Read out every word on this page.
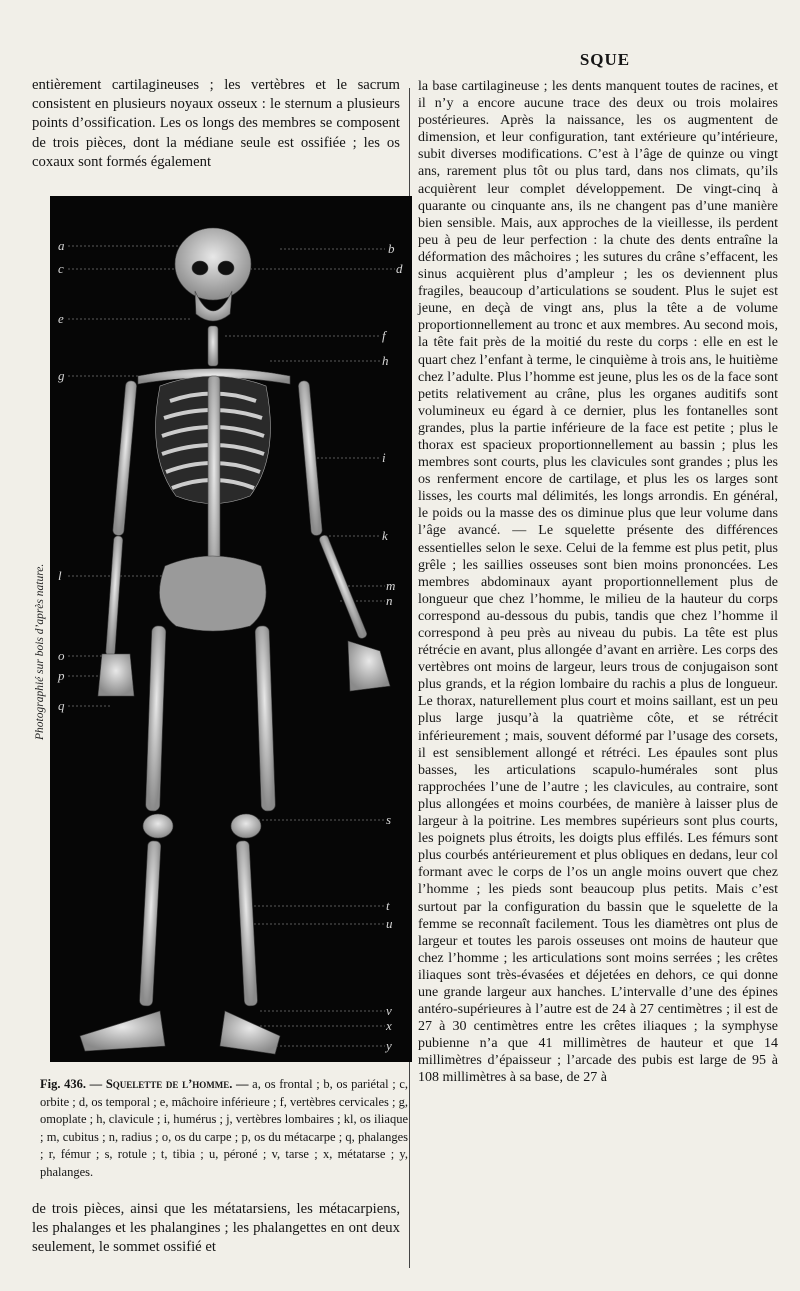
SQUE

entièrement cartilagineuses ; les vertèbres et le sacrum consistent en plusieurs noyaux osseux : le sternum a plusieurs points d’ossification. Les os longs des membres se composent de trois pièces, dont la médiane seule est ossifiée ; les os coxaux sont formés également

Photographié sur bois d’après nature.
a
c
e
g
l
o
p
q
b
d
f
h
i
k
m
n
s
t
u
v
x
y
Fig. 436. — Squelette de l’homme. — a, os frontal ; b, os pariétal ; c, orbite ; d, os temporal ; e, mâchoire inférieure ; f, vertèbres cervicales ; g, omoplate ; h, clavicule ; i, humérus ; j, vertèbres lombaires ; kl, os iliaque ; m, cubitus ; n, radius ; o, os du carpe ; p, os du métacarpe ; q, phalanges ; r, fémur ; s, rotule ; t, tibia ; u, péroné ; v, tarse ; x, métatarse ; y, phalanges.

de trois pièces, ainsi que les métatarsiens, les métacarpiens, les phalanges et les phalangines ; les phalangettes en ont deux seulement, le sommet ossifié et

la base cartilagineuse ; les dents manquent toutes de racines, et il n’y a encore aucune trace des deux ou trois molaires postérieures. Après la naissance, les os augmentent de dimension, et leur configuration, tant extérieure qu’intérieure, subit diverses modifications. C’est à l’âge de quinze ou vingt ans, rarement plus tôt ou plus tard, dans nos climats, qu’ils acquièrent leur complet développement. De vingt-cinq à quarante ou cinquante ans, ils ne changent pas d’une manière bien sensible. Mais, aux approches de la vieillesse, ils perdent peu à peu de leur perfection : la chute des dents entraîne la déformation des mâchoires ; les sutures du crâne s’effacent, les sinus acquièrent plus d’ampleur ; les os deviennent plus fragiles, beaucoup d’articulations se soudent. Plus le sujet est jeune, en deçà de vingt ans, plus la tête a de volume proportionnellement au tronc et aux membres. Au second mois, la tête fait près de la moitié du reste du corps : elle en est le quart chez l’enfant à terme, le cinquième à trois ans, le huitième chez l’adulte. Plus l’homme est jeune, plus les os de la face sont petits relativement au crâne, plus les organes auditifs sont volumineux eu égard à ce dernier, plus les fontanelles sont grandes, plus la partie inférieure de la face est petite ; plus le thorax est spacieux proportionnellement au bassin ; plus les membres sont courts, plus les clavicules sont grandes ; plus les os renferment encore de cartilage, et plus les os larges sont lisses, les courts mal délimités, les longs arrondis. En général, le poids ou la masse des os diminue plus que leur volume dans l’âge avancé. — Le squelette présente des différences essentielles selon le sexe. Celui de la femme est plus petit, plus grêle ; les saillies osseuses sont bien moins prononcées. Les membres abdominaux ayant proportionnellement plus de longueur que chez l’homme, le milieu de la hauteur du corps correspond au-dessous du pubis, tandis que chez l’homme il correspond à peu près au niveau du pubis. La tête est plus rétrécie en avant, plus allongée d’avant en arrière. Les corps des vertèbres ont moins de largeur, leurs trous de conjugaison sont plus grands, et la région lombaire du rachis a plus de longueur. Le thorax, naturellement plus court et moins saillant, est un peu plus large jusqu’à la quatrième côte, et se rétrécit inférieurement ; mais, souvent déformé par l’usage des corsets, il est sensiblement allongé et rétréci. Les épaules sont plus basses, les articulations scapulo-humérales sont plus rapprochées l’une de l’autre ; les clavicules, au contraire, sont plus allongées et moins courbées, de manière à laisser plus de largeur à la poitrine. Les membres supérieurs sont plus courts, les poignets plus étroits, les doigts plus effilés. Les fémurs sont plus courbés antérieurement et plus obliques en dedans, leur col formant avec le corps de l’os un angle moins ouvert que chez l’homme ; les pieds sont beaucoup plus petits. Mais c’est surtout par la configuration du bassin que le squelette de la femme se reconnaît facilement. Tous les diamètres ont plus de largeur et toutes les parois osseuses ont moins de hauteur que chez l’homme ; les articulations sont moins serrées ; les crêtes iliaques sont très-évasées et déjetées en dehors, ce qui donne une grande largeur aux hanches. L’intervalle d’une des épines antéro-supérieures à l’autre est de 24 à 27 centimètres ; il est de 27 à 30 centimètres entre les crêtes iliaques ; la symphyse pubienne n’a que 41 millimètres de hauteur et que 14 millimètres d’épaisseur ; l’arcade des pubis est large de 95 à 108 millimètres à sa base, de 27 à
